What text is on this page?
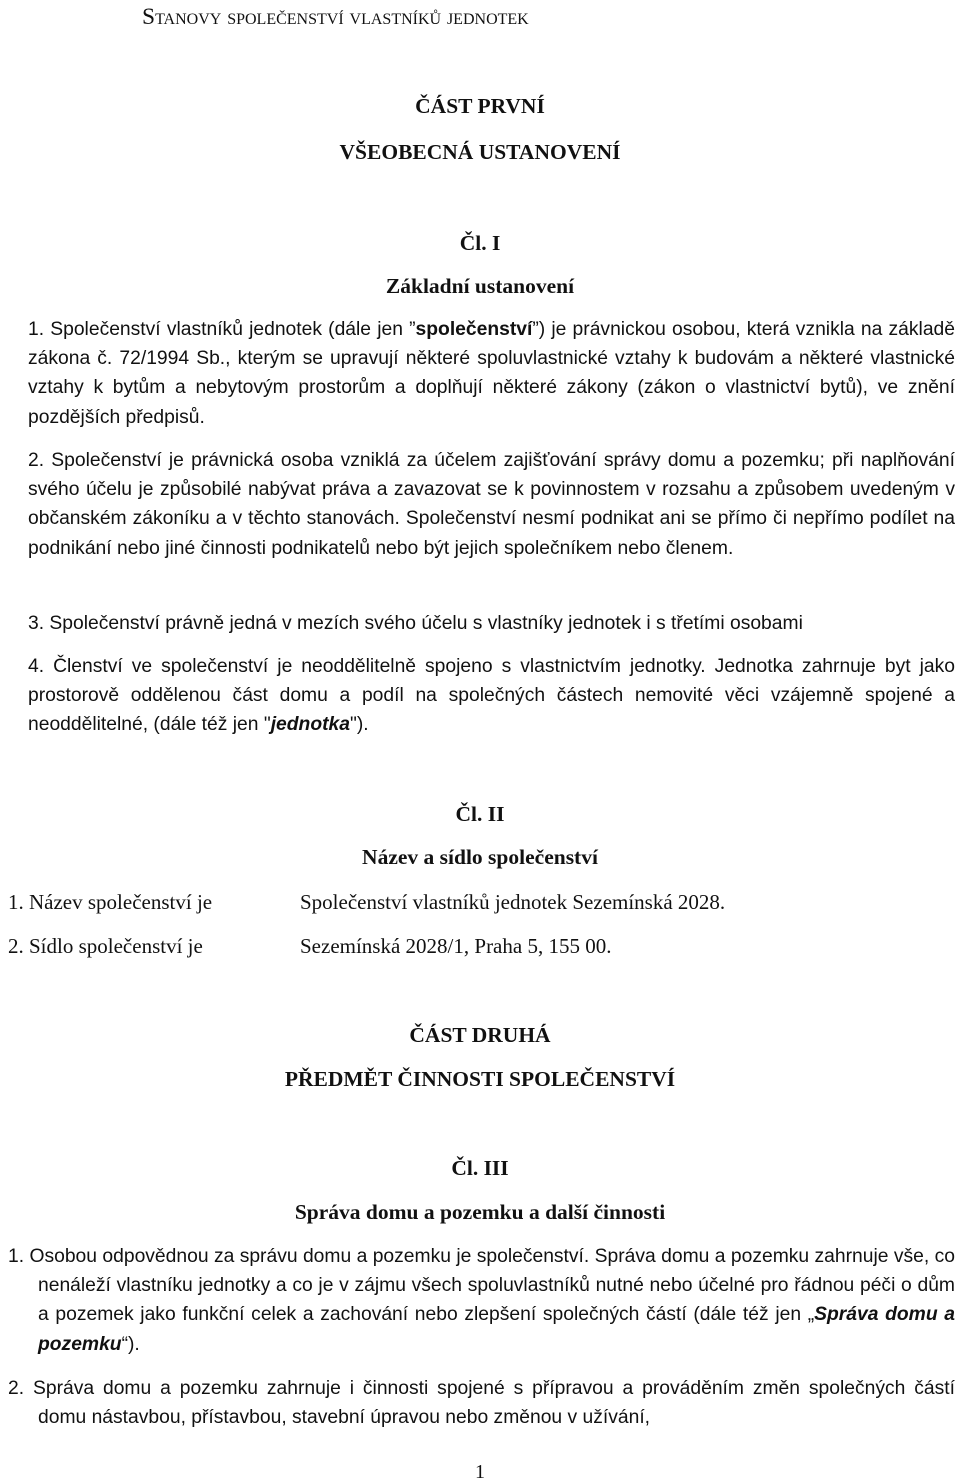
Stanovy společenství vlastníků jednotek
ČÁST PRVNÍ
VŠEOBECNÁ USTANOVENÍ
Čl. I
Základní ustanovení

1. Společenství vlastníků jednotek (dále jen ”společenství”) je právnickou osobou, která vznikla na základě zákona č. 72/1994 Sb., kterým se upravují některé spoluvlastnické vztahy k budovám a některé vlastnické vztahy k bytům a nebytovým prostorům a doplňují některé zákony (zákon o vlastnictví bytů), ve znění pozdějších předpisů.

2. Společenství je právnická osoba vzniklá za účelem zajišťování správy domu a pozemku; při naplňování svého účelu je způsobilé nabývat práva a zavazovat se k povinnostem v rozsahu a způsobem uvedeným v občanském zákoníku a v těchto stanovách. Společenství nesmí podnikat ani se přímo či nepřímo podílet na podnikání nebo jiné činnosti podnikatelů nebo být jejich společníkem nebo členem.

3. Společenství právně jedná v mezích svého účelu s vlastníky jednotek i s třetími osobami

4. Členství ve společenství je neoddělitelně spojeno s vlastnictvím jednotky. Jednotka zahrnuje byt jako prostorově oddělenou část domu a podíl na společných částech nemovité věci vzájemně spojené a neoddělitelné, (dále též jen "jednotka").

Čl. II
Název a sídlo společenství
1. Název společenství je	Společenství vlastníků jednotek Sezemínská 2028.
2. Sídlo společenství je	Sezemínská 2028/1, Praha 5, 155 00.
ČÁST DRUHÁ
PŘEDMĚT ČINNOSTI SPOLEČENSTVÍ
Čl. III
Správa domu a pozemku a další činnosti

1. Osobou odpovědnou za správu domu a pozemku je společenství. Správa domu a pozemku zahrnuje vše, co nenáleží vlastníku jednotky a co je v zájmu všech spoluvlastníků nutné nebo účelné pro řádnou péči o dům a pozemek jako funkční celek a zachování nebo zlepšení společných částí (dále též jen „Správa domu a pozemku“).

2. Správa domu a pozemku zahrnuje i činnosti spojené s přípravou a prováděním změn společných částí domu nástavbou, přístavbou, stavební úpravou nebo změnou v užívání,

1
